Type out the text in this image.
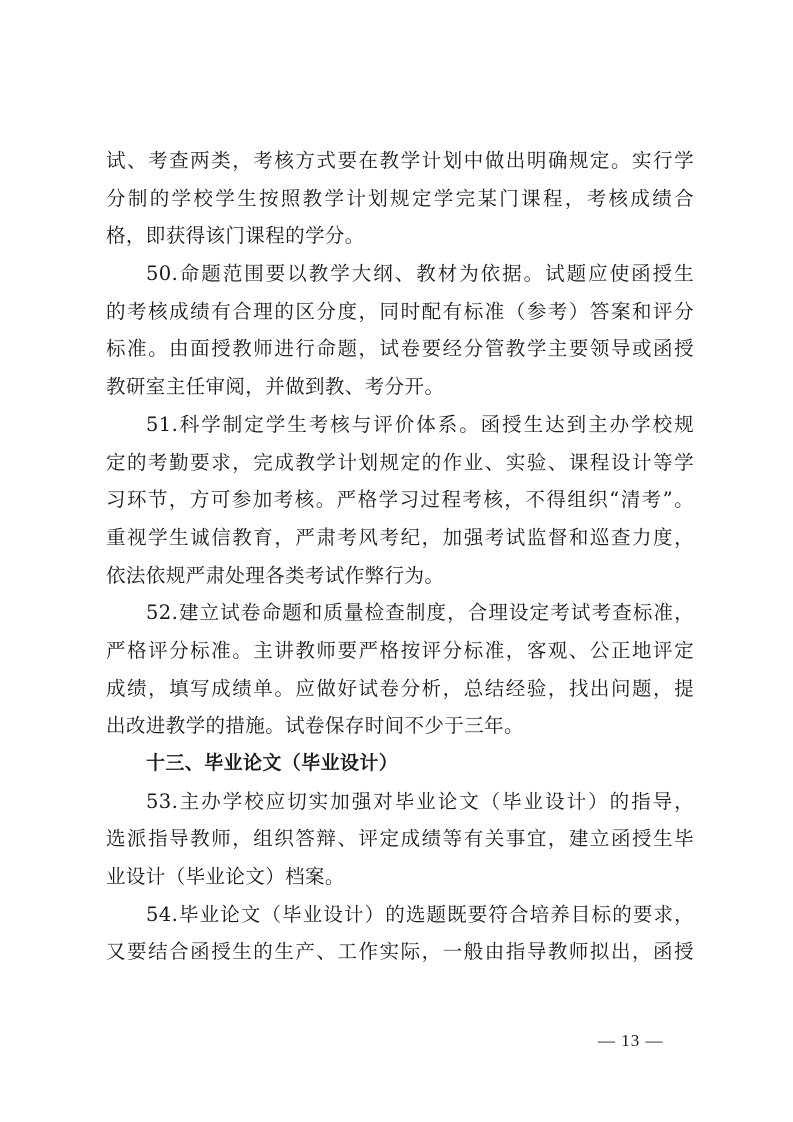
试、考查两类，考核方式要在教学计划中做出明确规定。实行学
分制的学校学生按照教学计划规定学完某门课程，考核成绩合
格，即获得该门课程的学分。
50.命题范围要以教学大纲、教材为依据。试题应使函授生
的考核成绩有合理的区分度，同时配有标准（参考）答案和评分
标准。由面授教师进行命题，试卷要经分管教学主要领导或函授
教研室主任审阅，并做到教、考分开。
51.科学制定学生考核与评价体系。函授生达到主办学校规
定的考勤要求，完成教学计划规定的作业、实验、课程设计等学
习环节，方可参加考核。严格学习过程考核，不得组织“清考”。
重视学生诚信教育，严肃考风考纪，加强考试监督和巡查力度，
依法依规严肃处理各类考试作弊行为。
52.建立试卷命题和质量检查制度，合理设定考试考查标准，
严格评分标准。主讲教师要严格按评分标准，客观、公正地评定
成绩，填写成绩单。应做好试卷分析，总结经验，找出问题，提
出改进教学的措施。试卷保存时间不少于三年。
十三、毕业论文（毕业设计）
53.主办学校应切实加强对毕业论文（毕业设计）的指导，
选派指导教师，组织答辩、评定成绩等有关事宜，建立函授生毕
业设计（毕业论文）档案。
54.毕业论文（毕业设计）的选题既要符合培养目标的要求，
又要结合函授生的生产、工作实际，一般由指导教师拟出，函授
— 13 —
